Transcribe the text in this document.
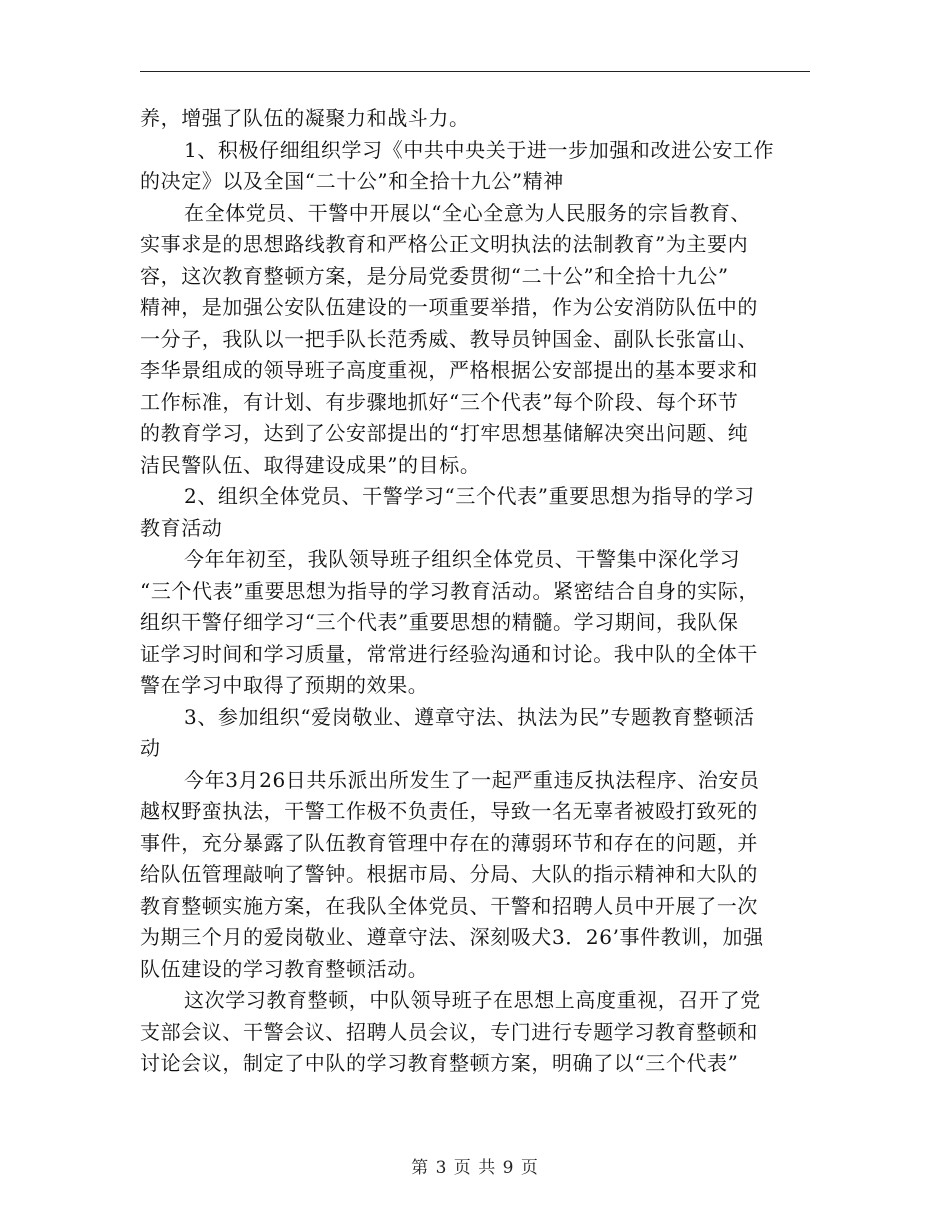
养，增强了队伍的凝聚力和战斗力。
1、积极仔细组织学习《中共中央关于进一步加强和改进公安工作
的决定》以及全国“二十公”和全拾十九公”精神
在全体党员、干警中开展以“全心全意为人民服务的宗旨教育、
实事求是的思想路线教育和严格公正文明执法的法制教育”为主要内
容，这次教育整顿方案，是分局党委贯彻“二十公”和全拾十九公”
精神，是加强公安队伍建设的一项重要举措，作为公安消防队伍中的
一分子，我队以一把手队长范秀威、教导员钟国金、副队长张富山、
李华景组成的领导班子高度重视，严格根据公安部提出的基本要求和
工作标准，有计划、有步骤地抓好“三个代表”每个阶段、每个环节
的教育学习，达到了公安部提出的“打牢思想基储解决突出问题、纯
洁民警队伍、取得建设成果”的目标。
2、组织全体党员、干警学习“三个代表”重要思想为指导的学习
教育活动
今年年初至，我队领导班子组织全体党员、干警集中深化学习
“三个代表”重要思想为指导的学习教育活动。紧密结合自身的实际，
组织干警仔细学习“三个代表”重要思想的精髓。学习期间，我队保
证学习时间和学习质量，常常进行经验沟通和讨论。我中队的全体干
警在学习中取得了预期的效果。
3、参加组织“爱岗敬业、遵章守法、执法为民”专题教育整顿活
动
今年3月26日共乐派出所发生了一起严重违反执法程序、治安员
越权野蛮执法，干警工作极不负责任，导致一名无辜者被殴打致死的
事件，充分暴露了队伍教育管理中存在的薄弱环节和存在的问题，并
给队伍管理敲响了警钟。根据市局、分局、大队的指示精神和大队的
教育整顿实施方案，在我队全体党员、干警和招聘人员中开展了一次
为期三个月的爱岗敬业、遵章守法、深刻吸犬3．26’事件教训，加强
队伍建设的学习教育整顿活动。
这次学习教育整顿，中队领导班子在思想上高度重视，召开了党
支部会议、干警会议、招聘人员会议，专门进行专题学习教育整顿和
讨论会议，制定了中队的学习教育整顿方案，明确了以“三个代表”
第 3 页 共 9 页
